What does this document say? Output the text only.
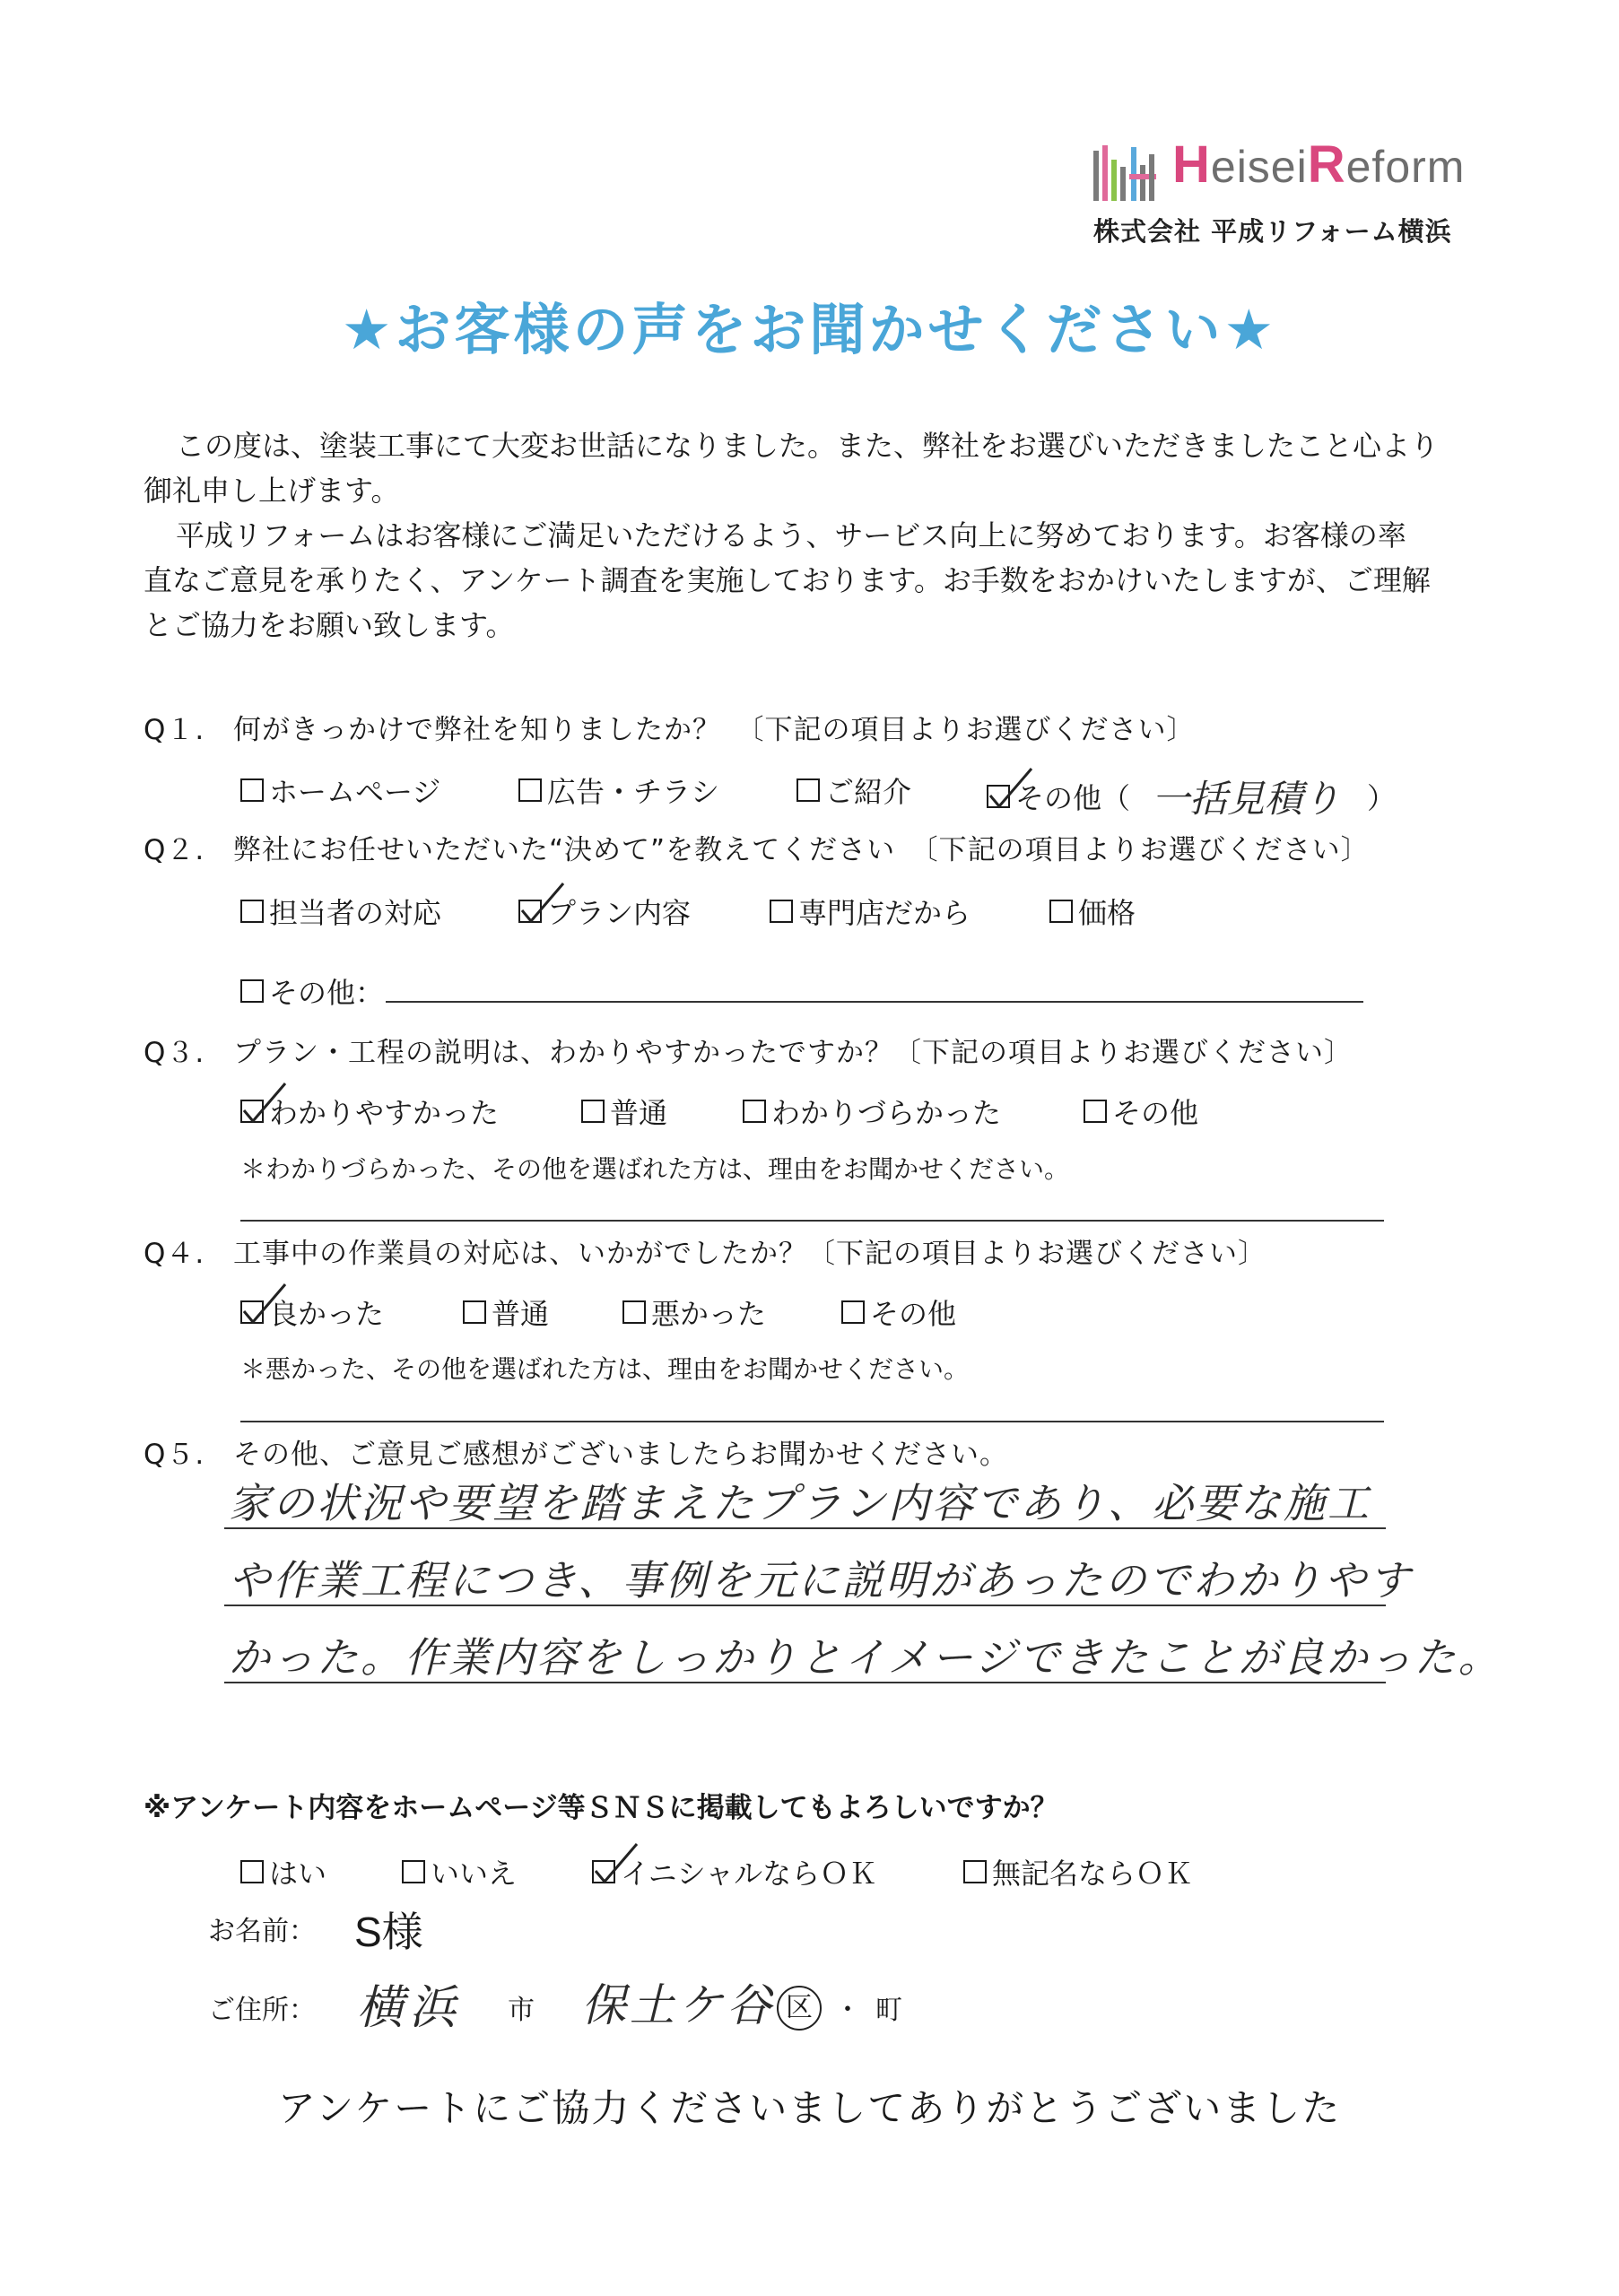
HeiseiReform
株式会社 平成リフォーム横浜
★お客様の声をお聞かせください★

この度は、塗装工事にて大変お世話になりました。また、弊社をお選びいただきましたこと心より

御礼申し上げます。

平成リフォームはお客様にご満足いただけるよう、サービス向上に努めております。お客様の率

直なご意見を承りたく、アンケート調査を実施しております。お手数をおかけいたしますが、ご理解

とご協力をお願い致します。

Q１. 何がきっかけで弊社を知りましたか？　〔下記の項目よりお選びください〕
ホームページ	広告・チラシ	ご紹介	その他（ 一括見積り ）
Q２. 弊社にお任せいただいた“決めて”を教えてください　〔下記の項目よりお選びください〕
担当者の対応	プラン内容	専門店だから	価格
その他：
Q３. プラン・工程の説明は、わかりやすかったですか？〔下記の項目よりお選びください〕
わかりやすかった	普通	わかりづらかった	その他
＊わかりづらかった、その他を選ばれた方は、理由をお聞かせください。
Q４. 工事中の作業員の対応は、いかがでしたか？〔下記の項目よりお選びください〕
良かった	普通	悪かった	その他
＊悪かった、その他を選ばれた方は、理由をお聞かせください。
Q５. その他、ご意見ご感想がございましたらお聞かせください。
家の状況や要望を踏まえたプラン内容であり、必要な施工
や作業工程につき、事例を元に説明があったのでわかりやす
かった。作業内容をしっかりとイメージできたことが良かった。
※アンケート内容をホームページ等ＳＮＳに掲載してもよろしいですか？
はい	いいえ	イニシャルならＯＫ	無記名ならＯＫ
お名前： S様
ご住所： 横浜 市 保土ケ谷 区 ・ 町
アンケートにご協力くださいましてありがとうございました
